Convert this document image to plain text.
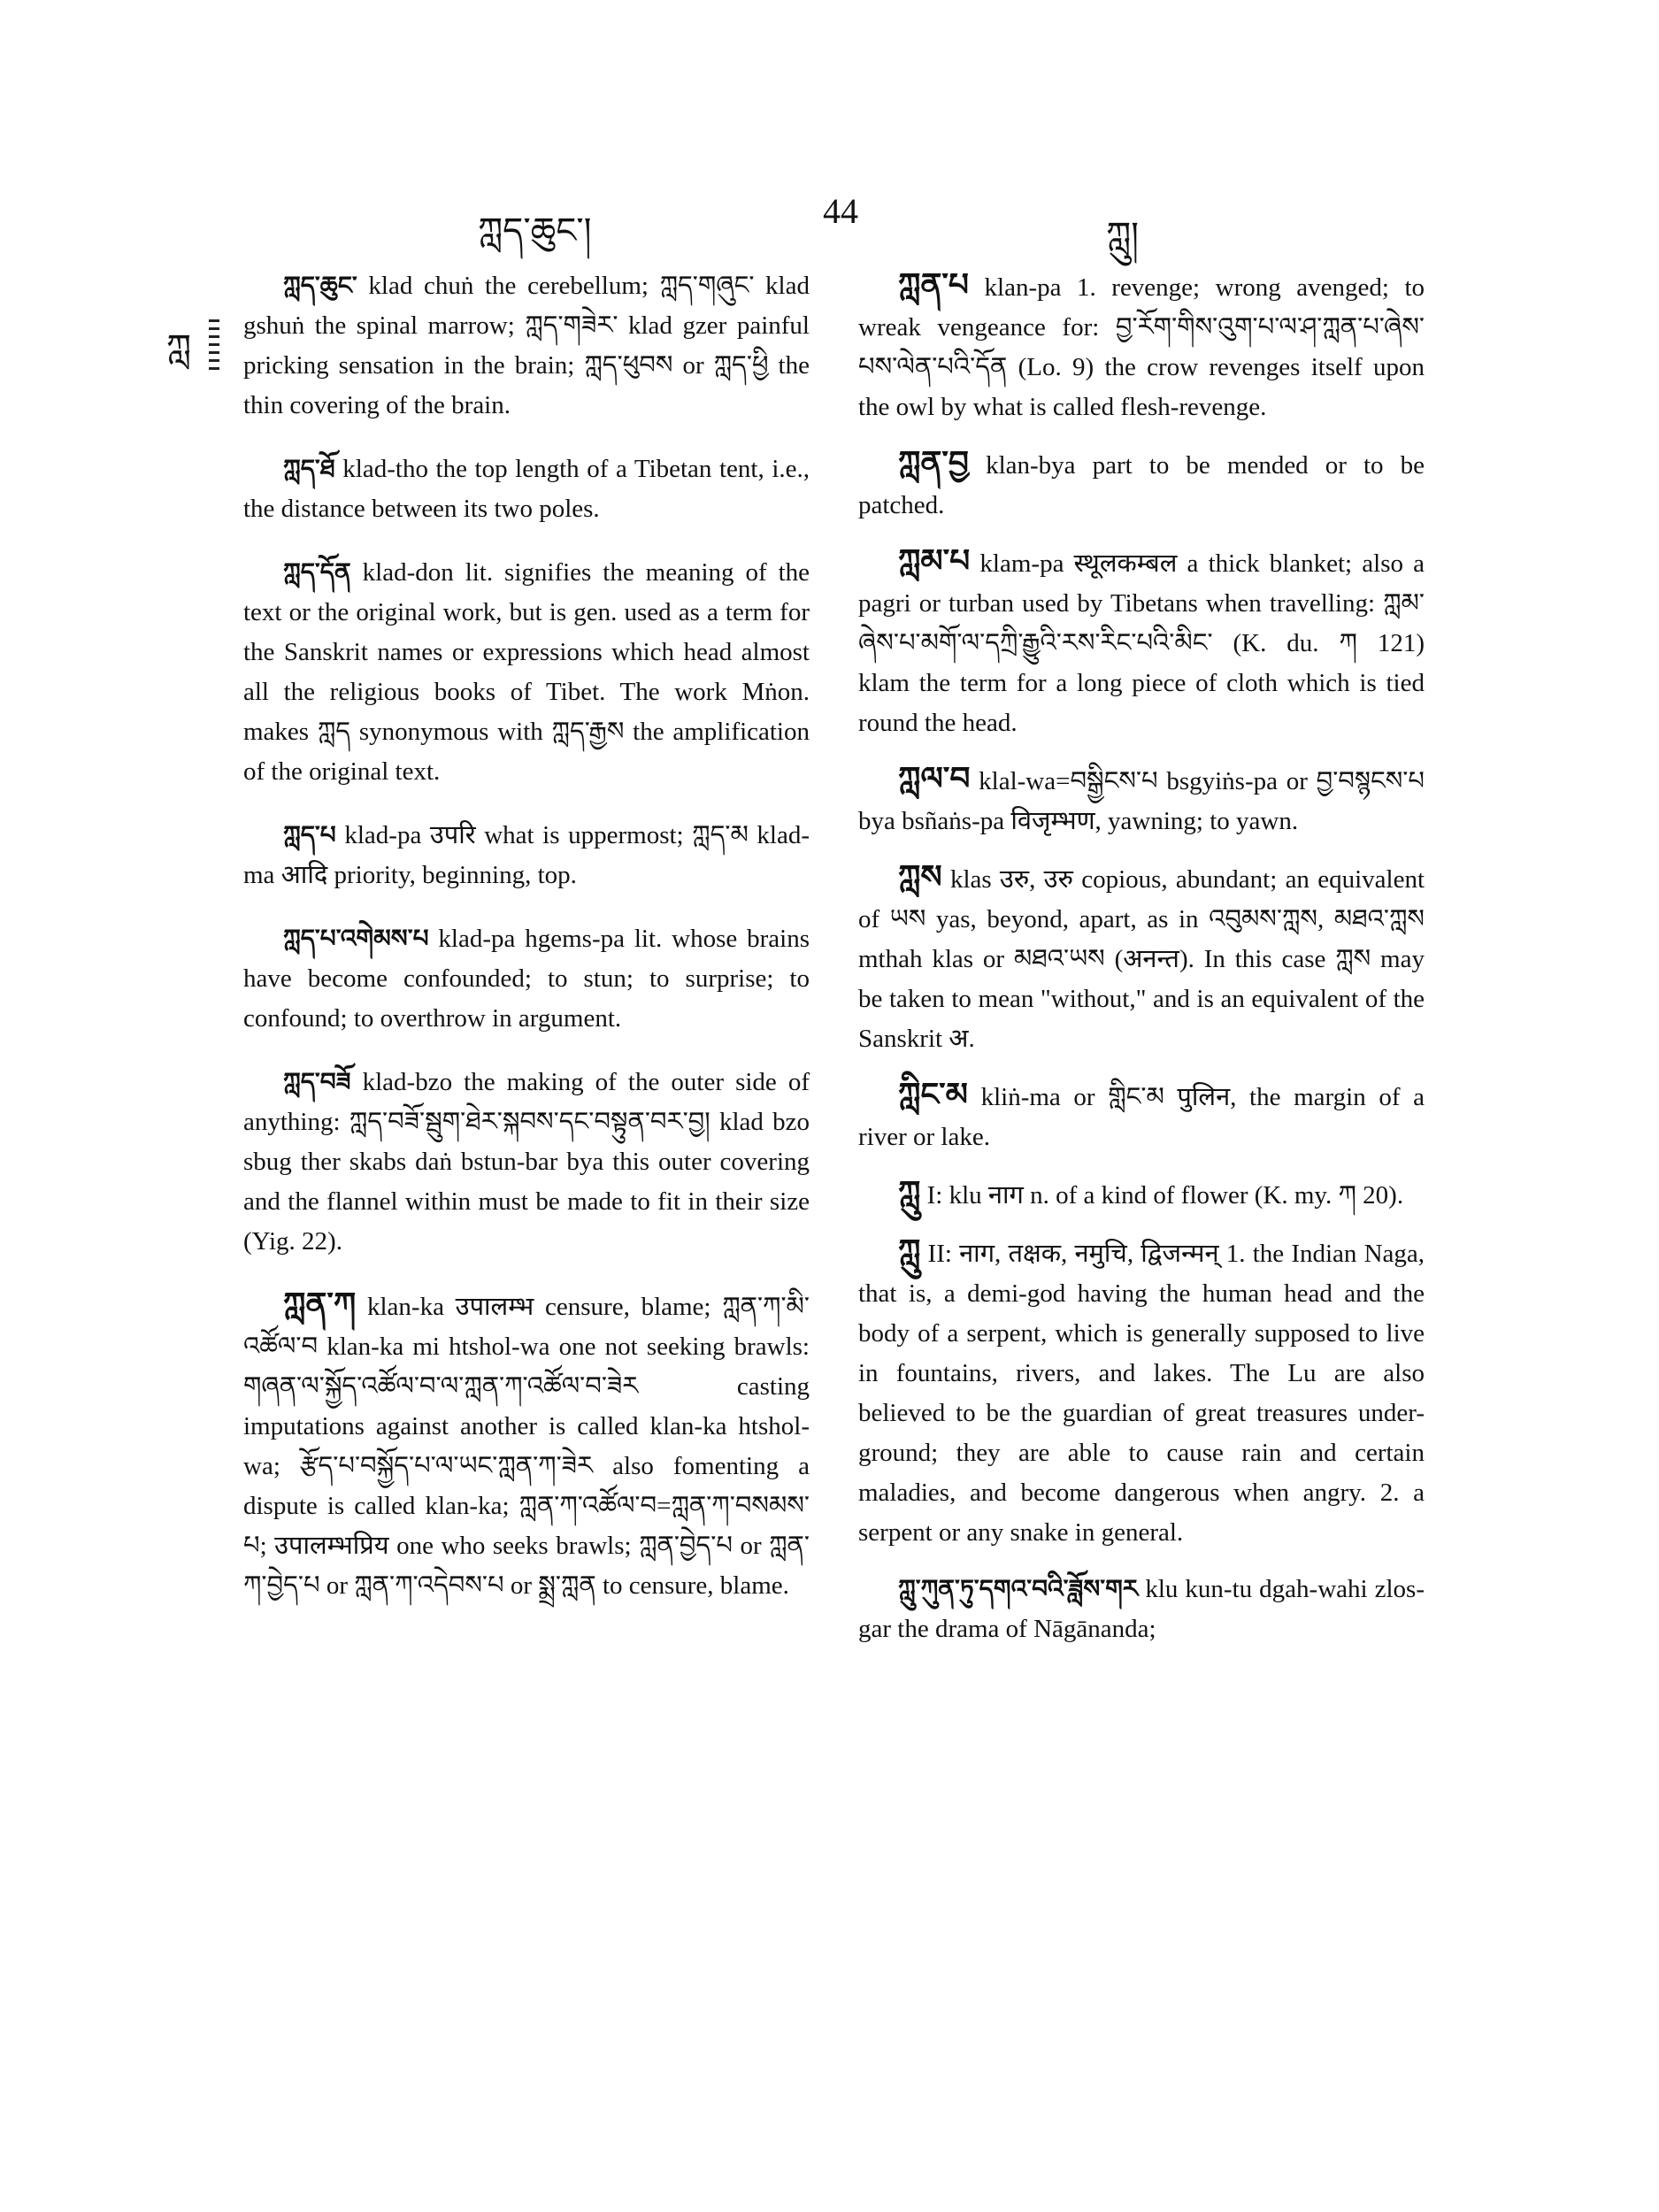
ཀླད་ཆུང་།	44
ཀླུ།
ཀླ

ཀླད་ཆུང་ klad chuṅ the cerebellum; ཀླད་གཞུང་ klad gshuṅ the spinal marrow; ཀླད་གཟེར་ klad gzer painful pricking sensation in the brain; ཀླད་ཕུབས or ཀླད་ཕྱི the thin covering of the brain.

ཀླད་ཐོ klad-tho the top length of a Tibetan tent, i.e., the distance between its two poles.

ཀླད་དོན klad-don lit. signifies the meaning of the text or the original work, but is gen. used as a term for the Sanskrit names or expressions which head almost all the religious books of Tibet. The work Mṅon. makes ཀླད synonymous with ཀླད་རྒྱས the amplification of the original text.

ཀླད་པ klad-pa उपरि what is uppermost; ཀླད་མ klad-ma आदि priority, beginning, top.

ཀླད་པ་འགེམས་པ klad-pa hgems-pa lit. whose brains have become confounded; to stun; to surprise; to confound; to overthrow in argument.

ཀླད་བཟོ klad-bzo the making of the outer side of anything: ཀླད་བཟོ་སྦུག་ཐེར་སྐབས་དང་བསྟུན་བར་བྱ། klad bzo sbug ther skabs daṅ bstun-bar bya this outer covering and the flannel within must be made to fit in their size (Yig. 22).

ཀླན་ཀ klan-ka उपालम्भ censure, blame; ཀླན་ཀ་མི་འཚོལ་བ klan-ka mi htshol-wa one not seeking brawls: གཞན་ལ་སྐྱོད་འཚོལ་བ་ལ་ཀླན་ཀ་འཚོལ་བ་ཟེར casting imputations against another is called klan-ka htshol-wa; རྩོད་པ་བསྐྱོད་པ་ལ་ཡང་ཀླན་ཀ་ཟེར also fomenting a dispute is called klan-ka; ཀླན་ཀ་འཚོལ་བ=ཀླན་ཀ་བསམས་པ; उपालम्भप्रिय one who seeks brawls; ཀླན་བྱེད་པ or ཀླན་ཀ་བྱེད་པ or ཀླན་ཀ་འདེབས་པ or སྨྲ་ཀླན to censure, blame.

ཀླན་པ klan-pa 1. revenge; wrong avenged; to wreak vengeance for: བྱ་རོག་གིས་འུག་པ་ལ་ཤ་ཀླན་པ་ཞེས་པས་ལེན་པའི་དོན (Lo. 9) the crow revenges itself upon the owl by what is called flesh-revenge.

ཀླན་བྱ klan-bya part to be mended or to be patched.

ཀླམ་པ klam-pa स्थूलकम्बल a thick blanket; also a pagri or turban used by Tibetans when travelling: ཀླམ་ཞེས་པ་མགོ་ལ་དཀྲི་རྒྱུའི་རས་རིང་པའི་མིང་ (K. du. ཀ 121) klam the term for a long piece of cloth which is tied round the head.

ཀླལ་བ klal-wa=བསྒྱིངས་པ bsgyiṅs-pa or བྱ་བསྙངས་པ bya bsñaṅs-pa विजृम्भण, yawning; to yawn.

ཀླས klas उरु, उरु copious, abundant; an equivalent of ཡས yas, beyond, apart, as in འབུམས་ཀླས, མཐའ་ཀླས mthah klas or མཐའ་ཡས (अनन्त). In this case ཀླས may be taken to mean "without," and is an equivalent of the Sanskrit अ.

ཀླིང་མ kliṅ-ma or གླིང་མ पुलिन, the margin of a river or lake.

ཀླུ I: klu नाग n. of a kind of flower (K. my. ཀ 20).

ཀླུ II: नाग, तक्षक, नमुचि, द्विजन्मन् 1. the Indian Naga, that is, a demi-god having the human head and the body of a serpent, which is generally supposed to live in fountains, rivers, and lakes. The Lu are also believed to be the guardian of great treasures under-ground; they are able to cause rain and certain maladies, and become dangerous when angry. 2. a serpent or any snake in general.

ཀླུ་ཀུན་ཏུ་དགའ་བའི་ཟློས་གར klu kun-tu dgah-wahi zlos-gar the drama of Nāgānanda;
